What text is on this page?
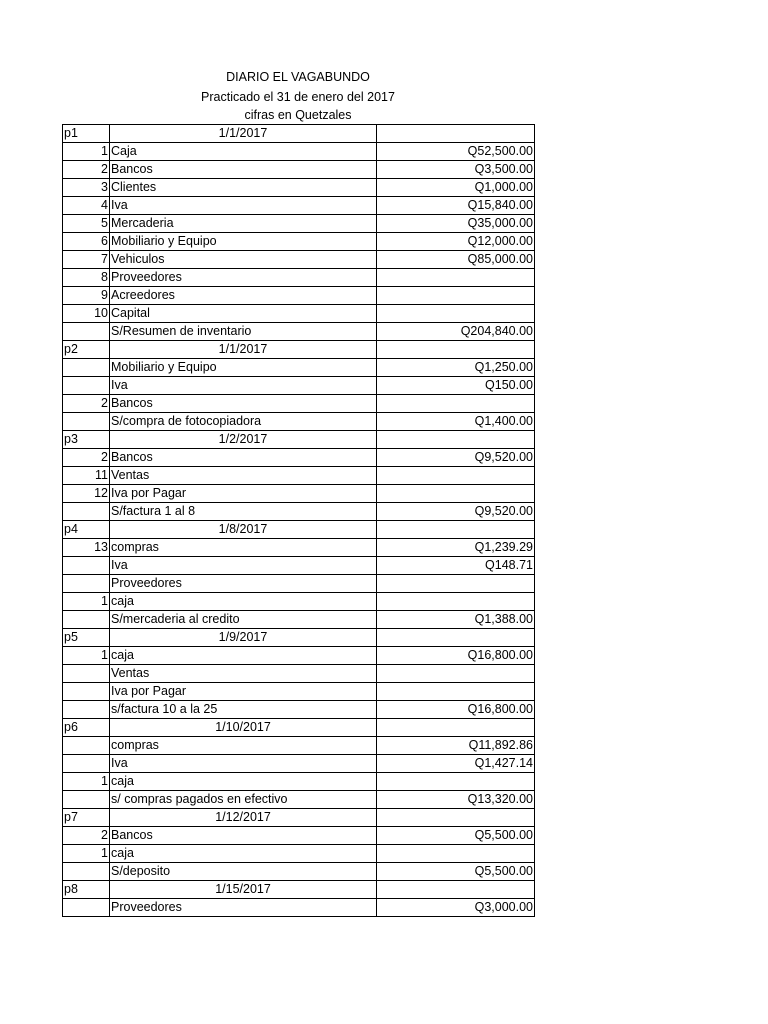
DIARIO EL VAGABUNDO
Practicado el 31 de enero del 2017
cifras en Quetzales
p1	1/1/2017	
1	Caja	Q52,500.00
2	Bancos	Q3,500.00
3	Clientes	Q1,000.00
4	Iva	Q15,840.00
5	Mercaderia	Q35,000.00
6	Mobiliario y Equipo	Q12,000.00
7	Vehiculos	Q85,000.00
8	Proveedores	
9	Acreedores	
10	Capital	
	S/Resumen de inventario	Q204,840.00
p2	1/1/2017	
	Mobiliario y Equipo	Q1,250.00
	Iva	Q150.00
2	Bancos	
	S/compra de fotocopiadora	Q1,400.00
p3	1/2/2017	
2	Bancos	Q9,520.00
11	Ventas	
12	Iva por Pagar	
	S/factura 1 al 8	Q9,520.00
p4	1/8/2017	
13	compras	Q1,239.29
	Iva	Q148.71
	Proveedores	
1	caja	
	S/mercaderia al credito	Q1,388.00
p5	1/9/2017	
1	caja	Q16,800.00
	Ventas	
	Iva por Pagar	
	s/factura 10 a la 25	Q16,800.00
p6	1/10/2017	
	compras	Q11,892.86
	Iva	Q1,427.14
1	caja	
	s/ compras pagados en efectivo	Q13,320.00
p7	1/12/2017	
2	Bancos	Q5,500.00
1	caja	
	S/deposito	Q5,500.00
p8	1/15/2017	
	Proveedores	Q3,000.00
